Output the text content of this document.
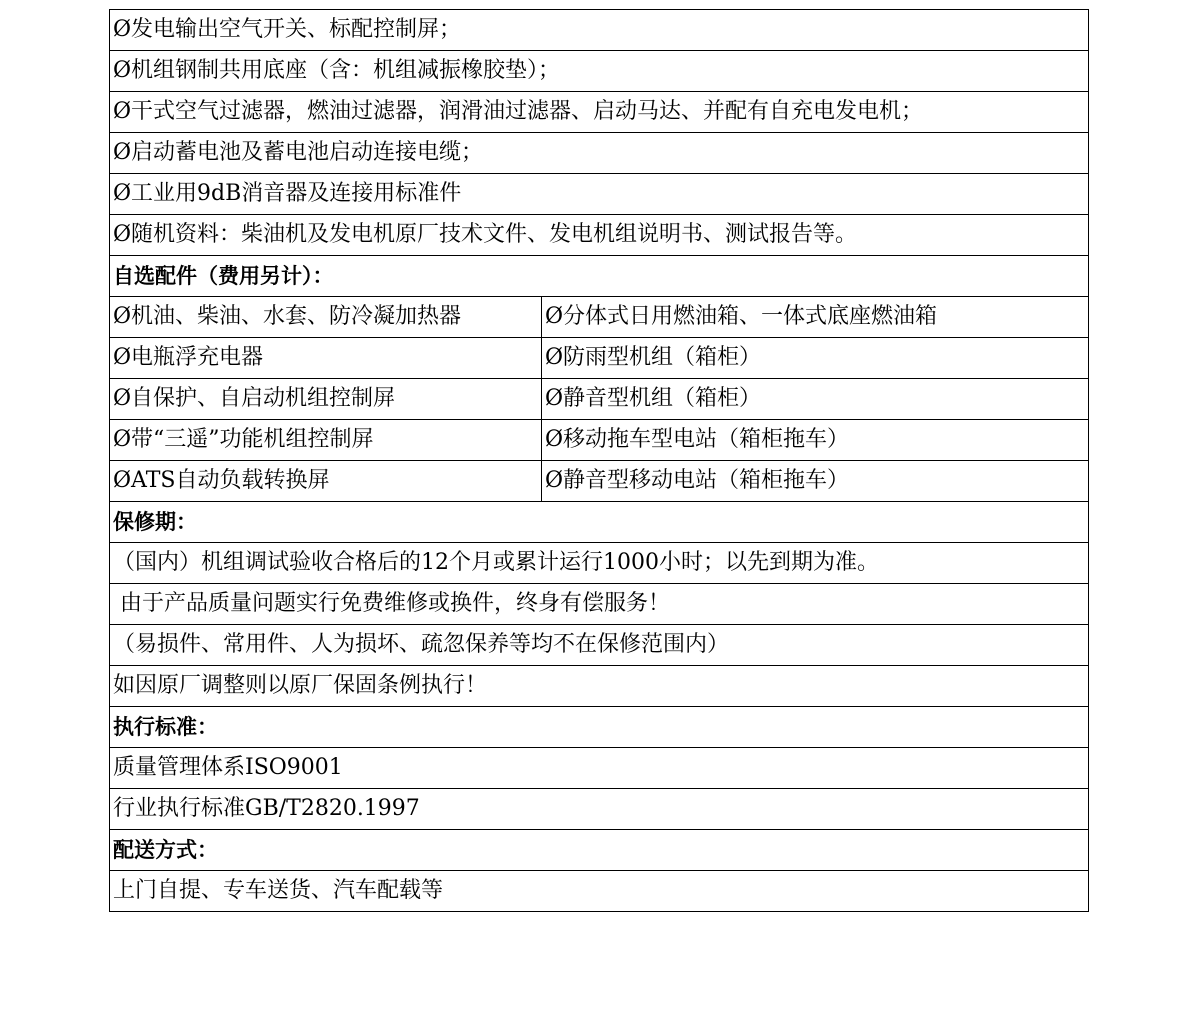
Ø发电输出空气开关、标配控制屏；	
Ø机组钢制共用底座（含：机组减振橡胶垫）；	
Ø干式空气过滤器，燃油过滤器，润滑油过滤器、启动马达、并配有自充电发电机；	
Ø启动蓄电池及蓄电池启动连接电缆；	
Ø工业用9dB消音器及连接用标准件	
Ø随机资料：柴油机及发电机原厂技术文件、发电机组说明书、测试报告等。	
自选配件（费用另计）：	
Ø机油、柴油、水套、防冷凝加热器	Ø分体式日用燃油箱、一体式底座燃油箱
Ø电瓶浮充电器	Ø防雨型机组（箱柜）
Ø自保护、自启动机组控制屏	Ø静音型机组（箱柜）
Ø带“三遥”功能机组控制屏	Ø移动拖车型电站（箱柜拖车）
ØATS自动负载转换屏	Ø静音型移动电站（箱柜拖车）
保修期：	
（国内）机组调试验收合格后的12个月或累计运行1000小时；以先到期为准。	
由于产品质量问题实行免费维修或换件，终身有偿服务！	
（易损件、常用件、人为损坏、疏忽保养等均不在保修范围内）	
如因原厂调整则以原厂保固条例执行！	
执行标准：	
质量管理体系ISO9001	
行业执行标准GB/T2820.1997	
配送方式：	
上门自提、专车送货、汽车配载等	
